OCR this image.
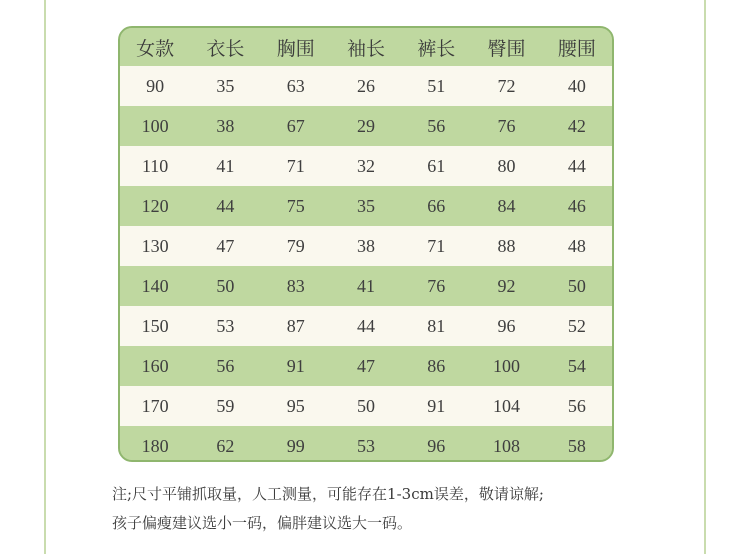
女款	衣长	胸围	袖长	裤长	臀围	腰围
90	35	63	26	51	72	40
100	38	67	29	56	76	42
110	41	71	32	61	80	44
120	44	75	35	66	84	46
130	47	79	38	71	88	48
140	50	83	41	76	92	50
150	53	87	44	81	96	52
160	56	91	47	86	100	54
170	59	95	50	91	104	56
180	62	99	53	96	108	58
注;尺寸平铺抓取量，人工测量，可能存在1-3cm误差，敬请谅解;
孩子偏瘦建议选小一码，偏胖建议选大一码。
